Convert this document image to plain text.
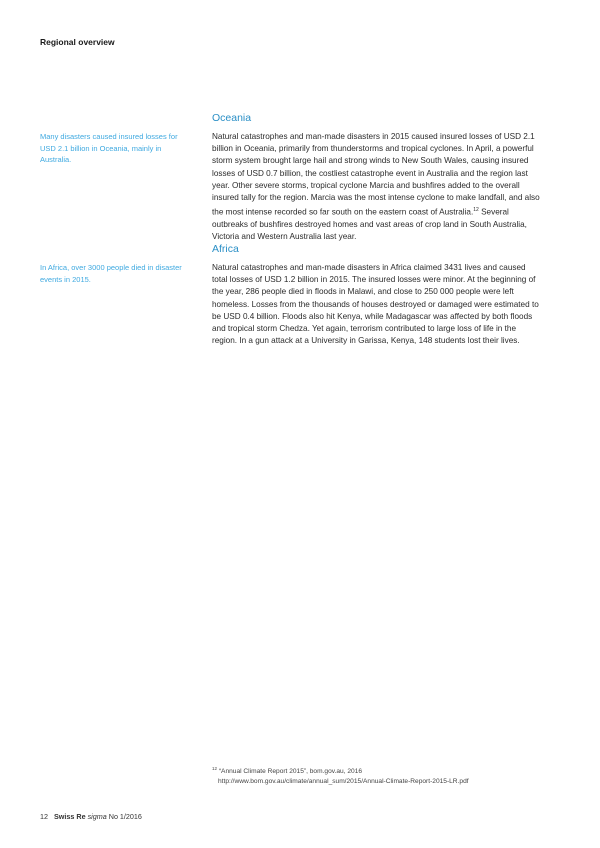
Regional overview
Oceania
Many disasters caused insured losses for USD 2.1 billion in Oceania, mainly in Australia.
Natural catastrophes and man-made disasters in 2015 caused insured losses of USD 2.1 billion in Oceania, primarily from thunderstorms and tropical cyclones. In April, a powerful storm system brought large hail and strong winds to New South Wales, causing insured losses of USD 0.7 billion, the costliest catastrophe event in Australia and the region last year. Other severe storms, tropical cyclone Marcia and bushfires added to the overall insured tally for the region. Marcia was the most intense cyclone to make landfall, and also the most intense recorded so far south on the eastern coast of Australia.$^{12}$ Several outbreaks of bushfires destroyed homes and vast areas of crop land in South Australia, Victoria and Western Australia last year.
Africa
In Africa, over 3000 people died in disaster events in 2015.
Natural catastrophes and man-made disasters in Africa claimed 3431 lives and caused total losses of USD 1.2 billion in 2015. The insured losses were minor. At the beginning of the year, 286 people died in floods in Malawi, and close to 250 000 people were left homeless. Losses from the thousands of houses destroyed or damaged were estimated to be USD 0.4 billion. Floods also hit Kenya, while Madagascar was affected by both floods and tropical storm Chedza. Yet again, terrorism contributed to large loss of life in the region. In a gun attack at a University in Garissa, Kenya, 148 students lost their lives.
$^{12}$ “Annual Climate Report 2015”, bom.gov.au, 2016
http://www.bom.gov.au/climate/annual_sum/2015/Annual-Climate-Report-2015-LR.pdf
12 Swiss Re sigma No 1/2016
